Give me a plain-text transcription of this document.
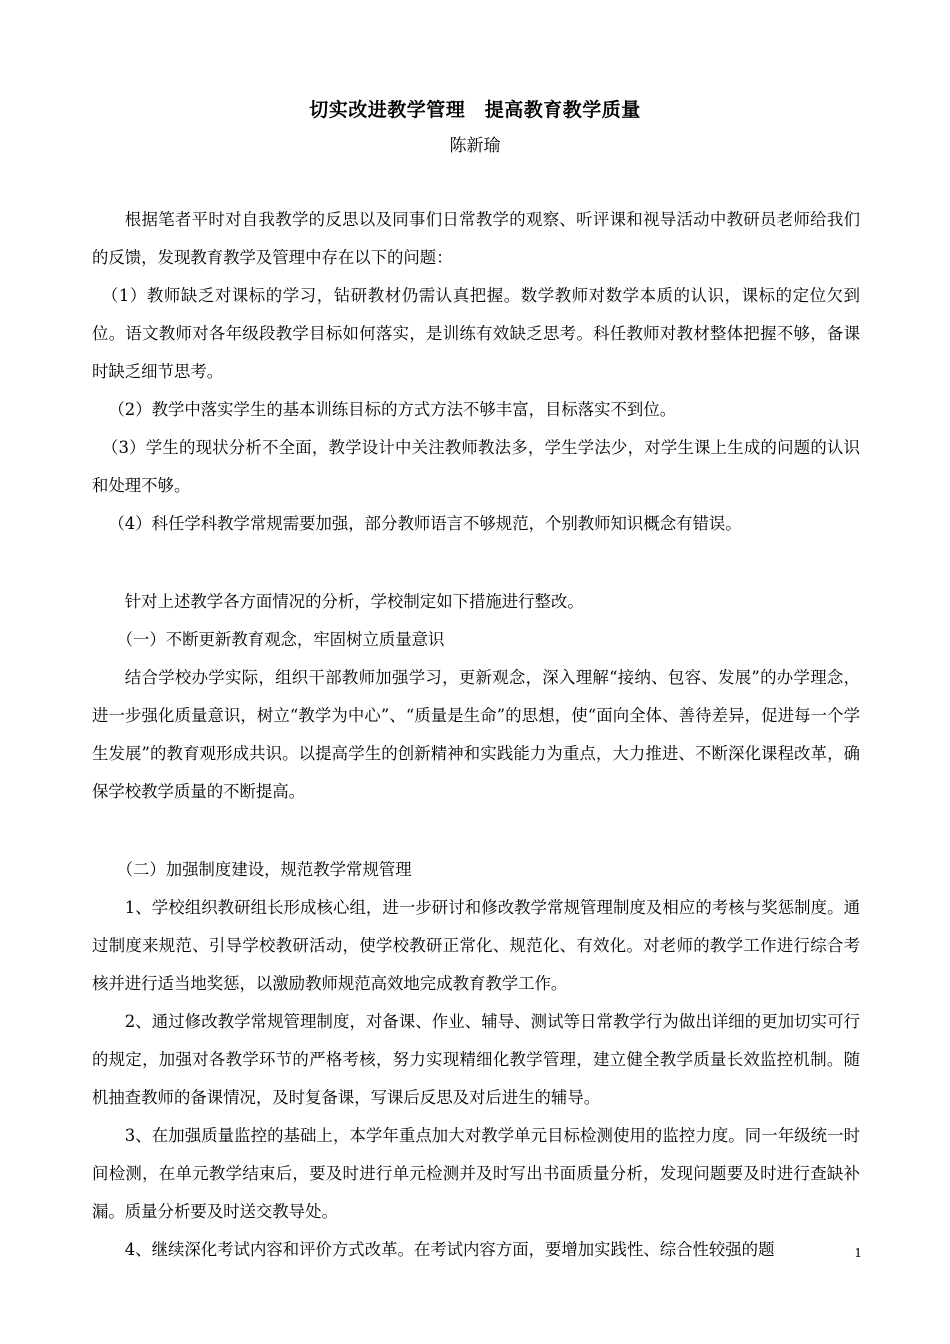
切实改进教学管理　提高教育教学质量
陈新瑜

根据笔者平时对自我教学的反思以及同事们日常教学的观察、听评课和视导活动中教研员老师给我们的反馈，发现教育教学及管理中存在以下的问题：

（1）教师缺乏对课标的学习，钻研教材仍需认真把握。数学教师对数学本质的认识，课标的定位欠到位。语文教师对各年级段教学目标如何落实，是训练有效缺乏思考。科任教师对教材整体把握不够，备课时缺乏细节思考。

（2）教学中落实学生的基本训练目标的方式方法不够丰富，目标落实不到位。

（3）学生的现状分析不全面，教学设计中关注教师教法多，学生学法少，对学生课上生成的问题的认识和处理不够。

（4）科任学科教学常规需要加强，部分教师语言不够规范，个别教师知识概念有错误。

针对上述教学各方面情况的分析，学校制定如下措施进行整改。

（一）不断更新教育观念，牢固树立质量意识

结合学校办学实际，组织干部教师加强学习，更新观念，深入理解“接纳、包容、发展”的办学理念，进一步强化质量意识，树立“教学为中心”、“质量是生命”的思想，使“面向全体、善待差异，促进每一个学生发展”的教育观形成共识。以提高学生的创新精神和实践能力为重点，大力推进、不断深化课程改革，确保学校教学质量的不断提高。

（二）加强制度建设，规范教学常规管理

1、学校组织教研组长形成核心组，进一步研讨和修改教学常规管理制度及相应的考核与奖惩制度。通过制度来规范、引导学校教研活动，使学校教研正常化、规范化、有效化。对老师的教学工作进行综合考核并进行适当地奖惩，以激励教师规范高效地完成教育教学工作。

2、通过修改教学常规管理制度，对备课、作业、辅导、测试等日常教学行为做出详细的更加切实可行的规定，加强对各教学环节的严格考核，努力实现精细化教学管理，建立健全教学质量长效监控机制。随机抽查教师的备课情况，及时复备课，写课后反思及对后进生的辅导。

3、在加强质量监控的基础上，本学年重点加大对教学单元目标检测使用的监控力度。同一年级统一时间检测，在单元教学结束后，要及时进行单元检测并及时写出书面质量分析，发现问题要及时进行查缺补漏。质量分析要及时送交教导处。

4、继续深化考试内容和评价方式改革。在考试内容方面，要增加实践性、综合性较强的题	1
